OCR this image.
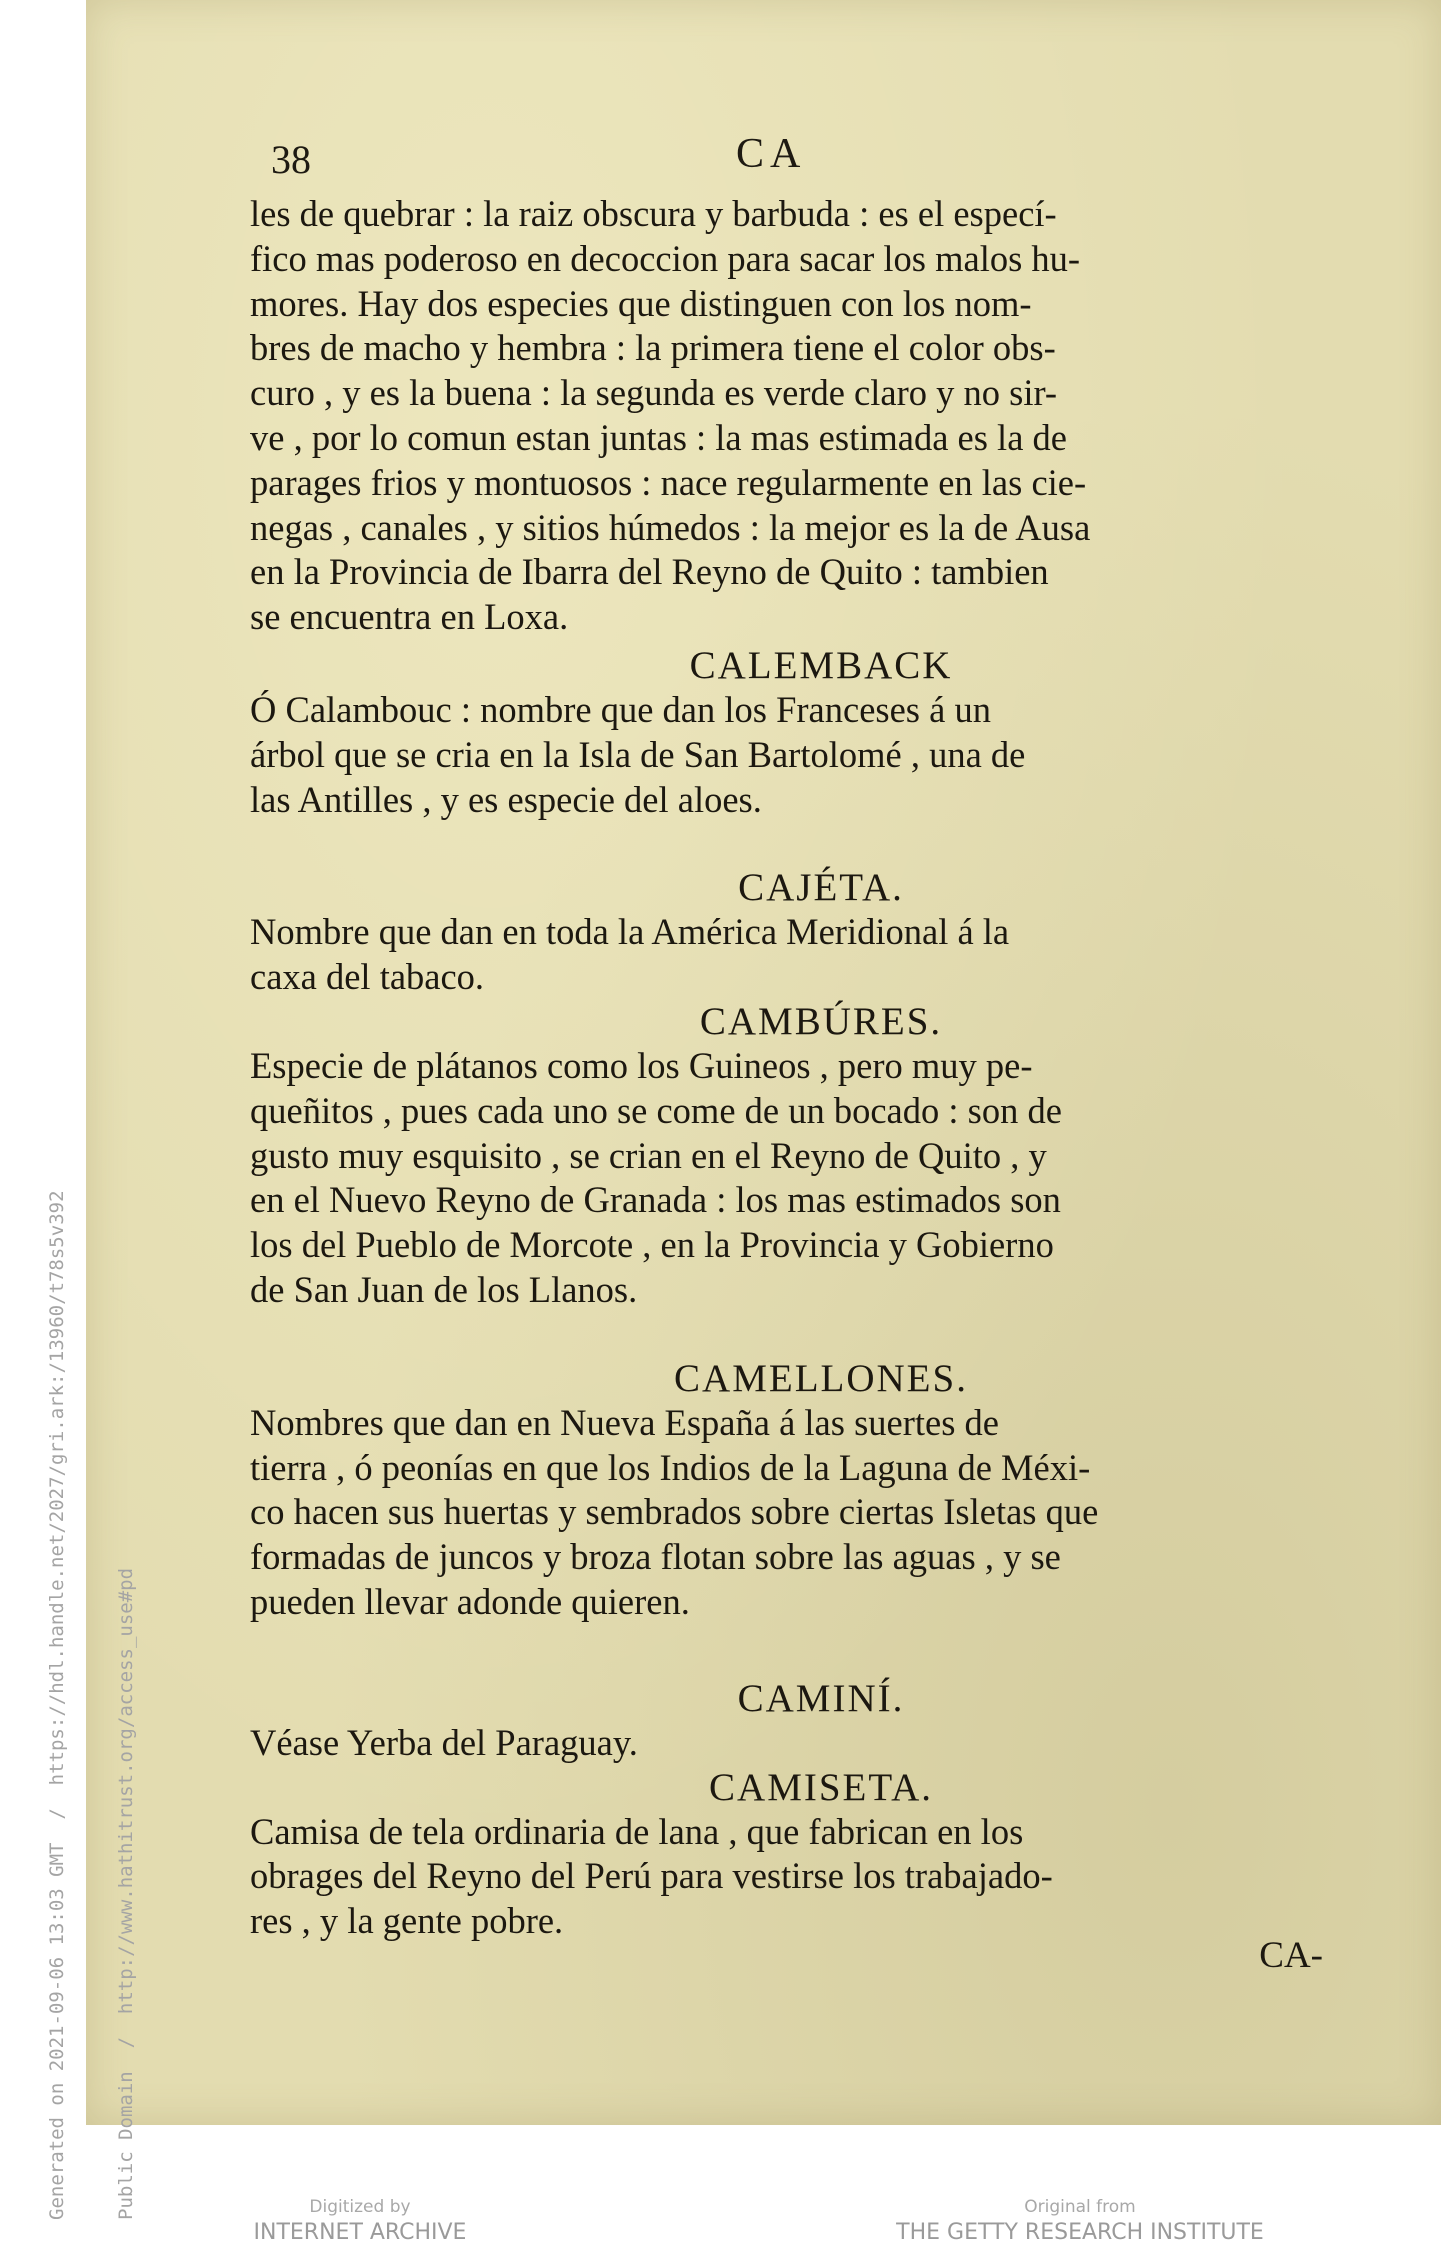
38	CA

les de quebrar : la raiz obscura y barbuda : es el especí-
fico mas poderoso en decoccion para sacar los malos hu-
mores. Hay dos especies que distinguen con los nom-
bres de macho y hembra : la primera tiene el color obs-
curo , y es la buena : la segunda es verde claro y no sir-
ve , por lo comun estan juntas : la mas estimada es la de
parages frios y montuosos : nace regularmente en las cie-
negas , canales , y sitios húmedos : la mejor es la de Ausa
en la Provincia de Ibarra del Reyno de Quito : tambien
se encuentra en Loxa.

CALEMBACK

Ó Calambouc : nombre que dan los Franceses á un
árbol que se cria en la Isla de San Bartolomé , una de
las Antilles , y es especie del aloes.

CAJÉTA.

Nombre que dan en toda la América Meridional á la
caxa del tabaco.

CAMBÚRES.

Especie de plátanos como los Guineos , pero muy pe-
queñitos , pues cada uno se come de un bocado : son de
gusto muy esquisito , se crian en el Reyno de Quito , y
en el Nuevo Reyno de Granada : los mas estimados son
los del Pueblo de Morcote , en la Provincia y Gobierno
de San Juan de los Llanos.

CAMELLONES.

Nombres que dan en Nueva España á las suertes de
tierra , ó peonías en que los Indios de la Laguna de Méxi-
co hacen sus huertas y sembrados sobre ciertas Isletas que
formadas de juncos y broza flotan sobre las aguas , y se
pueden llevar adonde quieren.

CAMINÍ.

Véase Yerba del Paraguay.

CAMISETA.

Camisa de tela ordinaria de lana , que fabrican en los
obrages del Reyno del Perú para vestirse los trabajado-
res , y la gente pobre.

CA-

Generated on 2021-09-06 13:03 GMT  /  https://hdl.handle.net/2027/gri.ark:/13960/t78s5v392

Public Domain  /  http://www.hathitrust.org/access_use#pd	Digitized by
INTERNET ARCHIVE
Original from
THE GETTY RESEARCH INSTITUTE
